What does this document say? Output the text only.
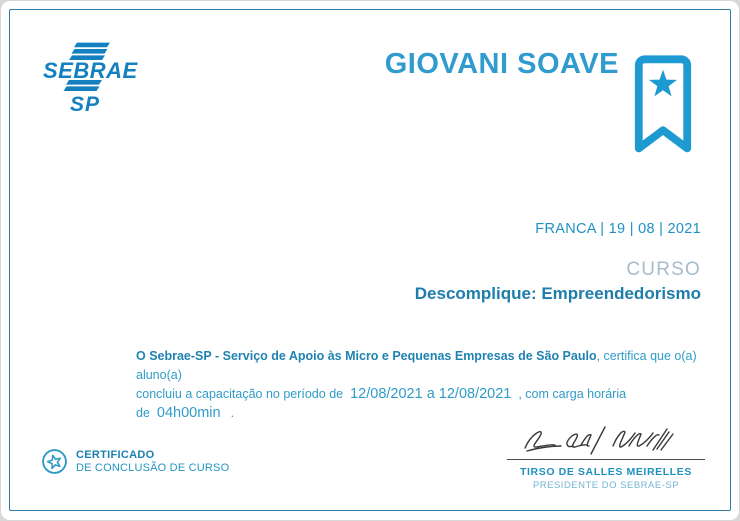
SEBRAE
SP
GIOVANI SOAVE
FRANCA | 19 | 08 | 2021
CURSO
Descomplique: Empreendedorismo

O Sebrae-SP - Serviço de Apoio às Micro e Pequenas Empresas de São Paulo, certifica que o(a) aluno(a)
concluiu a capacitação no período de 12/08/2021 a 12/08/2021 , com carga horária de 04h00min .

CERTIFICADO
DE CONCLUSÃO DE CURSO	TIRSO DE SALLES MEIRELLES
PRESIDENTE DO SEBRAE-SP
